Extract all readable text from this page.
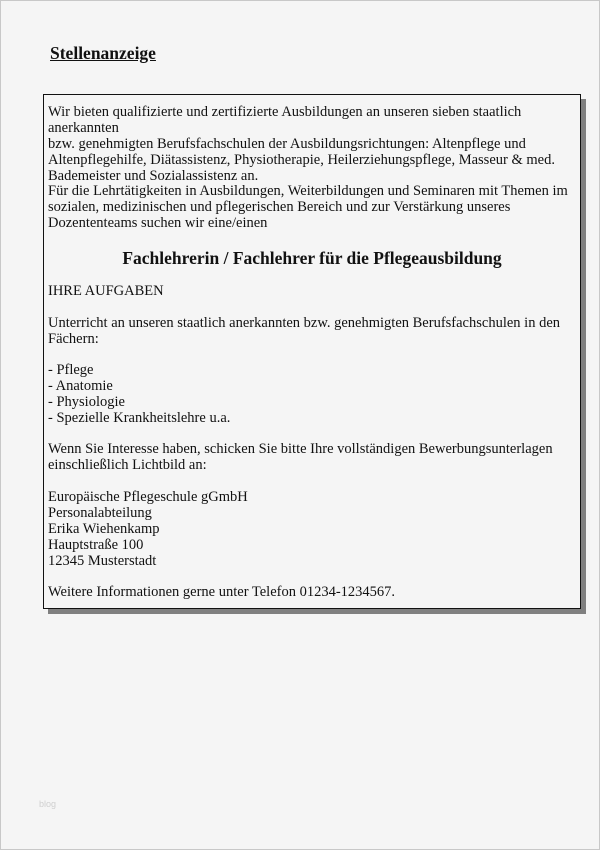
Stellenanzeige

Wir bieten qualifizierte und zertifizierte Ausbildungen an unseren sieben staatlich anerkannten

bzw. genehmigten Berufsfachschulen der Ausbildungsrichtungen: Altenpflege und

Altenpflegehilfe, Diätassistenz, Physiotherapie, Heilerziehungspflege, Masseur & med.

Bademeister und Sozialassistenz an.

Für die Lehrtätigkeiten in Ausbildungen, Weiterbildungen und Seminaren mit Themen im

sozialen, medizinischen und pflegerischen Bereich und zur Verstärkung unseres

Dozententeams suchen wir eine/einen

Fachlehrerin / Fachlehrer für die Pflegeausbildung

IHRE AUFGABEN

Unterricht an unseren staatlich anerkannten bzw. genehmigten Berufsfachschulen in den

Fächern:

- Pflege

- Anatomie

- Physiologie

- Spezielle Krankheitslehre u.a.

Wenn Sie Interesse haben, schicken Sie bitte Ihre vollständigen Bewerbungsunterlagen

einschließlich Lichtbild an:

Europäische Pflegeschule gGmbH

Personalabteilung

Erika Wiehenkamp

Hauptstraße 100

12345 Musterstadt

Weitere Informationen gerne unter Telefon 01234-1234567.

blog
